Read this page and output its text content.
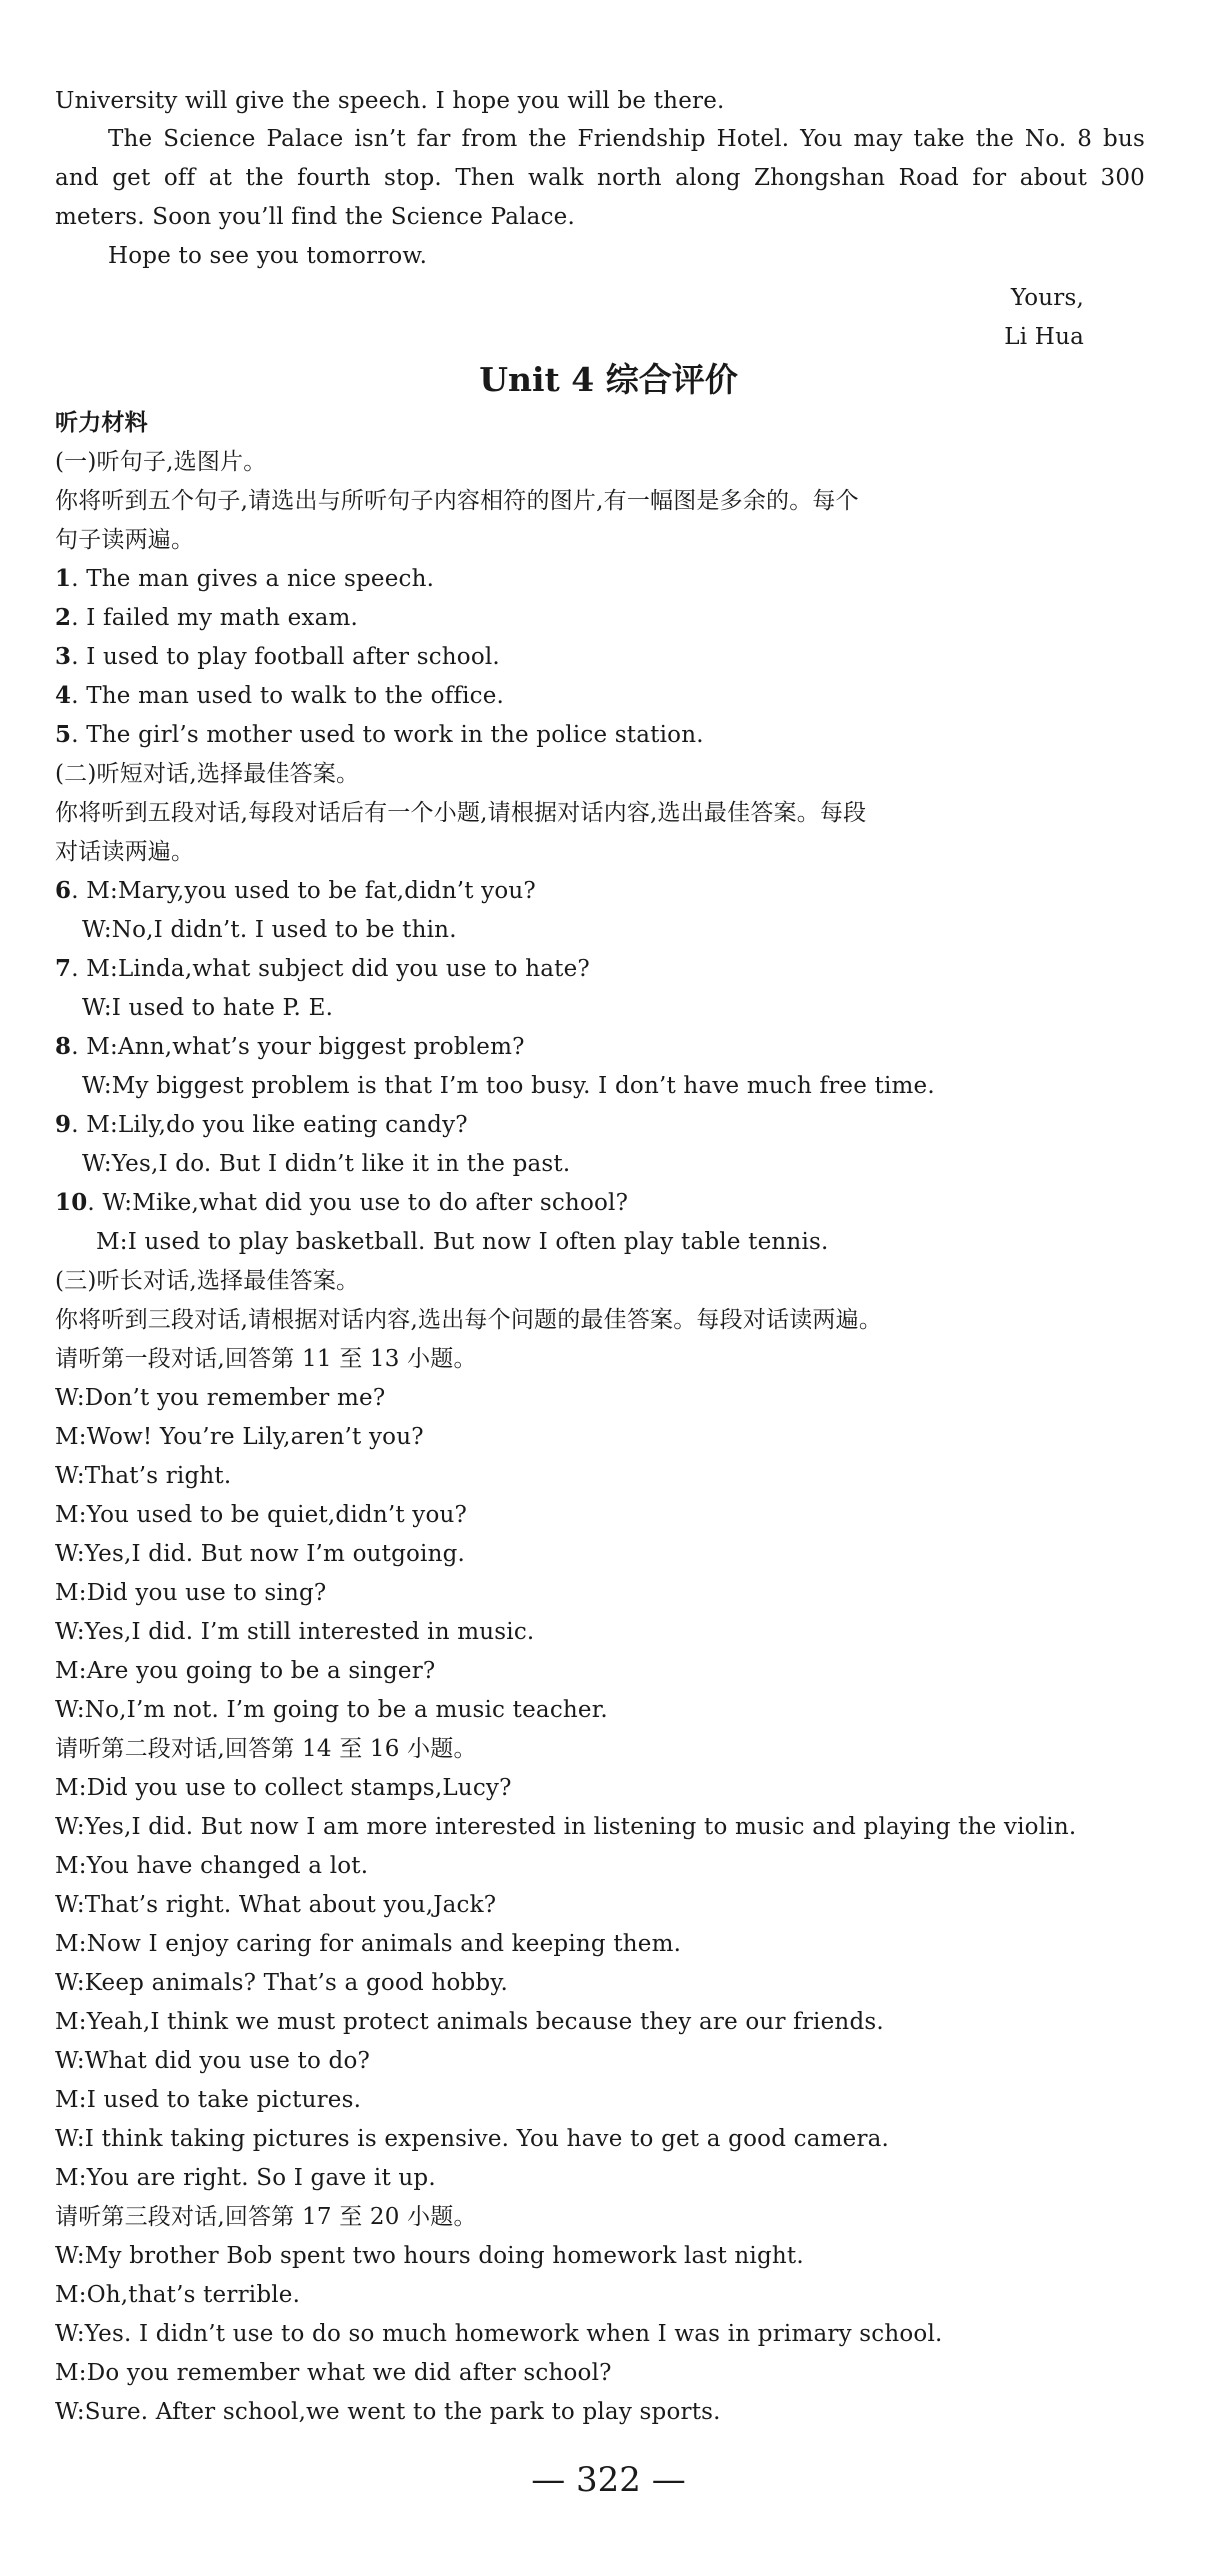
University will give the speech. I hope you will be there.
The Science Palace isn’t far from the Friendship Hotel. You may take the No. 8 bus
and get off at the fourth stop. Then walk north along Zhongshan Road for about 300
meters. Soon you’ll find the Science Palace.
Hope to see you tomorrow.
Yours,
Li Hua
Unit 4 综合评价
听力材料
(一)听句子,选图片。
你将听到五个句子,请选出与所听句子内容相符的图片,有一幅图是多余的。每个
句子读两遍。
1. The man gives a nice speech.
2. I failed my math exam.
3. I used to play football after school.
4. The man used to walk to the office.
5. The girl’s mother used to work in the police station.
(二)听短对话,选择最佳答案。
你将听到五段对话,每段对话后有一个小题,请根据对话内容,选出最佳答案。每段
对话读两遍。
6. M:Mary,you used to be fat,didn’t you?
W:No,I didn’t. I used to be thin.
7. M:Linda,what subject did you use to hate?
W:I used to hate P. E.
8. M:Ann,what’s your biggest problem?
W:My biggest problem is that I’m too busy. I don’t have much free time.
9. M:Lily,do you like eating candy?
W:Yes,I do. But I didn’t like it in the past.
10. W:Mike,what did you use to do after school?
M:I used to play basketball. But now I often play table tennis.
(三)听长对话,选择最佳答案。
你将听到三段对话,请根据对话内容,选出每个问题的最佳答案。每段对话读两遍。
请听第一段对话,回答第 11 至 13 小题。
W:Don’t you remember me?
M:Wow! You’re Lily,aren’t you?
W:That’s right.
M:You used to be quiet,didn’t you?
W:Yes,I did. But now I’m outgoing.
M:Did you use to sing?
W:Yes,I did. I’m still interested in music.
M:Are you going to be a singer?
W:No,I’m not. I’m going to be a music teacher.
请听第二段对话,回答第 14 至 16 小题。
M:Did you use to collect stamps,Lucy?
W:Yes,I did. But now I am more interested in listening to music and playing the violin.
M:You have changed a lot.
W:That’s right. What about you,Jack?
M:Now I enjoy caring for animals and keeping them.
W:Keep animals? That’s a good hobby.
M:Yeah,I think we must protect animals because they are our friends.
W:What did you use to do?
M:I used to take pictures.
W:I think taking pictures is expensive. You have to get a good camera.
M:You are right. So I gave it up.
请听第三段对话,回答第 17 至 20 小题。
W:My brother Bob spent two hours doing homework last night.
M:Oh,that’s terrible.
W:Yes. I didn’t use to do so much homework when I was in primary school.
M:Do you remember what we did after school?
W:Sure. After school,we went to the park to play sports.
— 322 —
